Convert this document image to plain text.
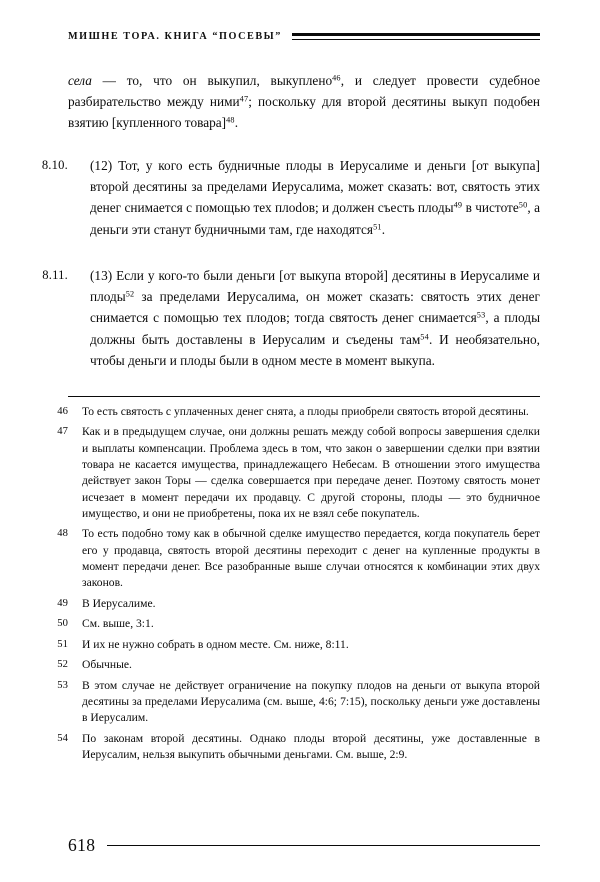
МИШНЕ ТОРА. КНИГА “ПОСЕВЫ”
села — то, что он выкупил, выкуплено$^{46}$, и следует провести судебное разбирательство между ними$^{47}$; поскольку для второй десятины выкуп подобен взятию [купленного товара]$^{48}$.
8.10. (12) Тот, у кого есть будничные плоды в Иерусалиме и деньги [от выкупа] второй десятины за пределами Иерусалима, может сказать: вот, святость этих денег снимается с помощью тех плоdов; и должен съесть плоды$^{49}$ в чистоте$^{50}$, а деньги эти станут будничными там, где находятся$^{51}$.
8.11. (13) Если у кого-то были деньги [от выкупа второй] десятины в Иерусалиме и плоды$^{52}$ за пределами Иерусалима, он может сказать: святость этих денег снимается с помощью тех плодов; тогда святость денег снимается$^{53}$, а плоды должны быть доставлены в Иерусалим и съедены там$^{54}$. И необязательно, чтобы деньги и плоды были в одном месте в момент выкупа.
46 То есть святость с уплаченных денег снята, а плоды приобрели святость второй десятины.
47 Как и в предыдущем случае, они должны решать между собой вопросы завершения сделки и выплаты компенсации. Проблема здесь в том, что закон о завершении сделки при взятии товара не касается имущества, принадлежащего Небесам. В отношении этого имущества действует закон Торы — сделка совершается при передаче денег. Поэтому святость монет исчезает в момент передачи их продавцу. С другой стороны, плоды — это будничное имущество, и они не приобретены, пока их не взял себе покупатель.
48 То есть подобно тому как в обычной сделке имущество передается, когда покупатель берет его у продавца, святость второй десятины переходит с денег на купленные продукты в момент передачи денег. Все разобранные выше случаи относятся к комбинации этих двух законов.
49 В Иерусалиме.
50 См. выше, 3:1.
51 И их не нужно собрать в одном месте. См. ниже, 8:11.
52 Обычные.
53 В этом случае не действует ограничение на покупку плодов на деньги от выкупа второй десятины за пределами Иерусалима (см. выше, 4:6; 7:15), поскольку деньги уже доставлены в Иерусалим.
54 По законам второй десятины. Однако плоды второй десятины, уже доставленные в Иерусалим, нельзя выкупить обычными деньгами. См. выше, 2:9.
618
